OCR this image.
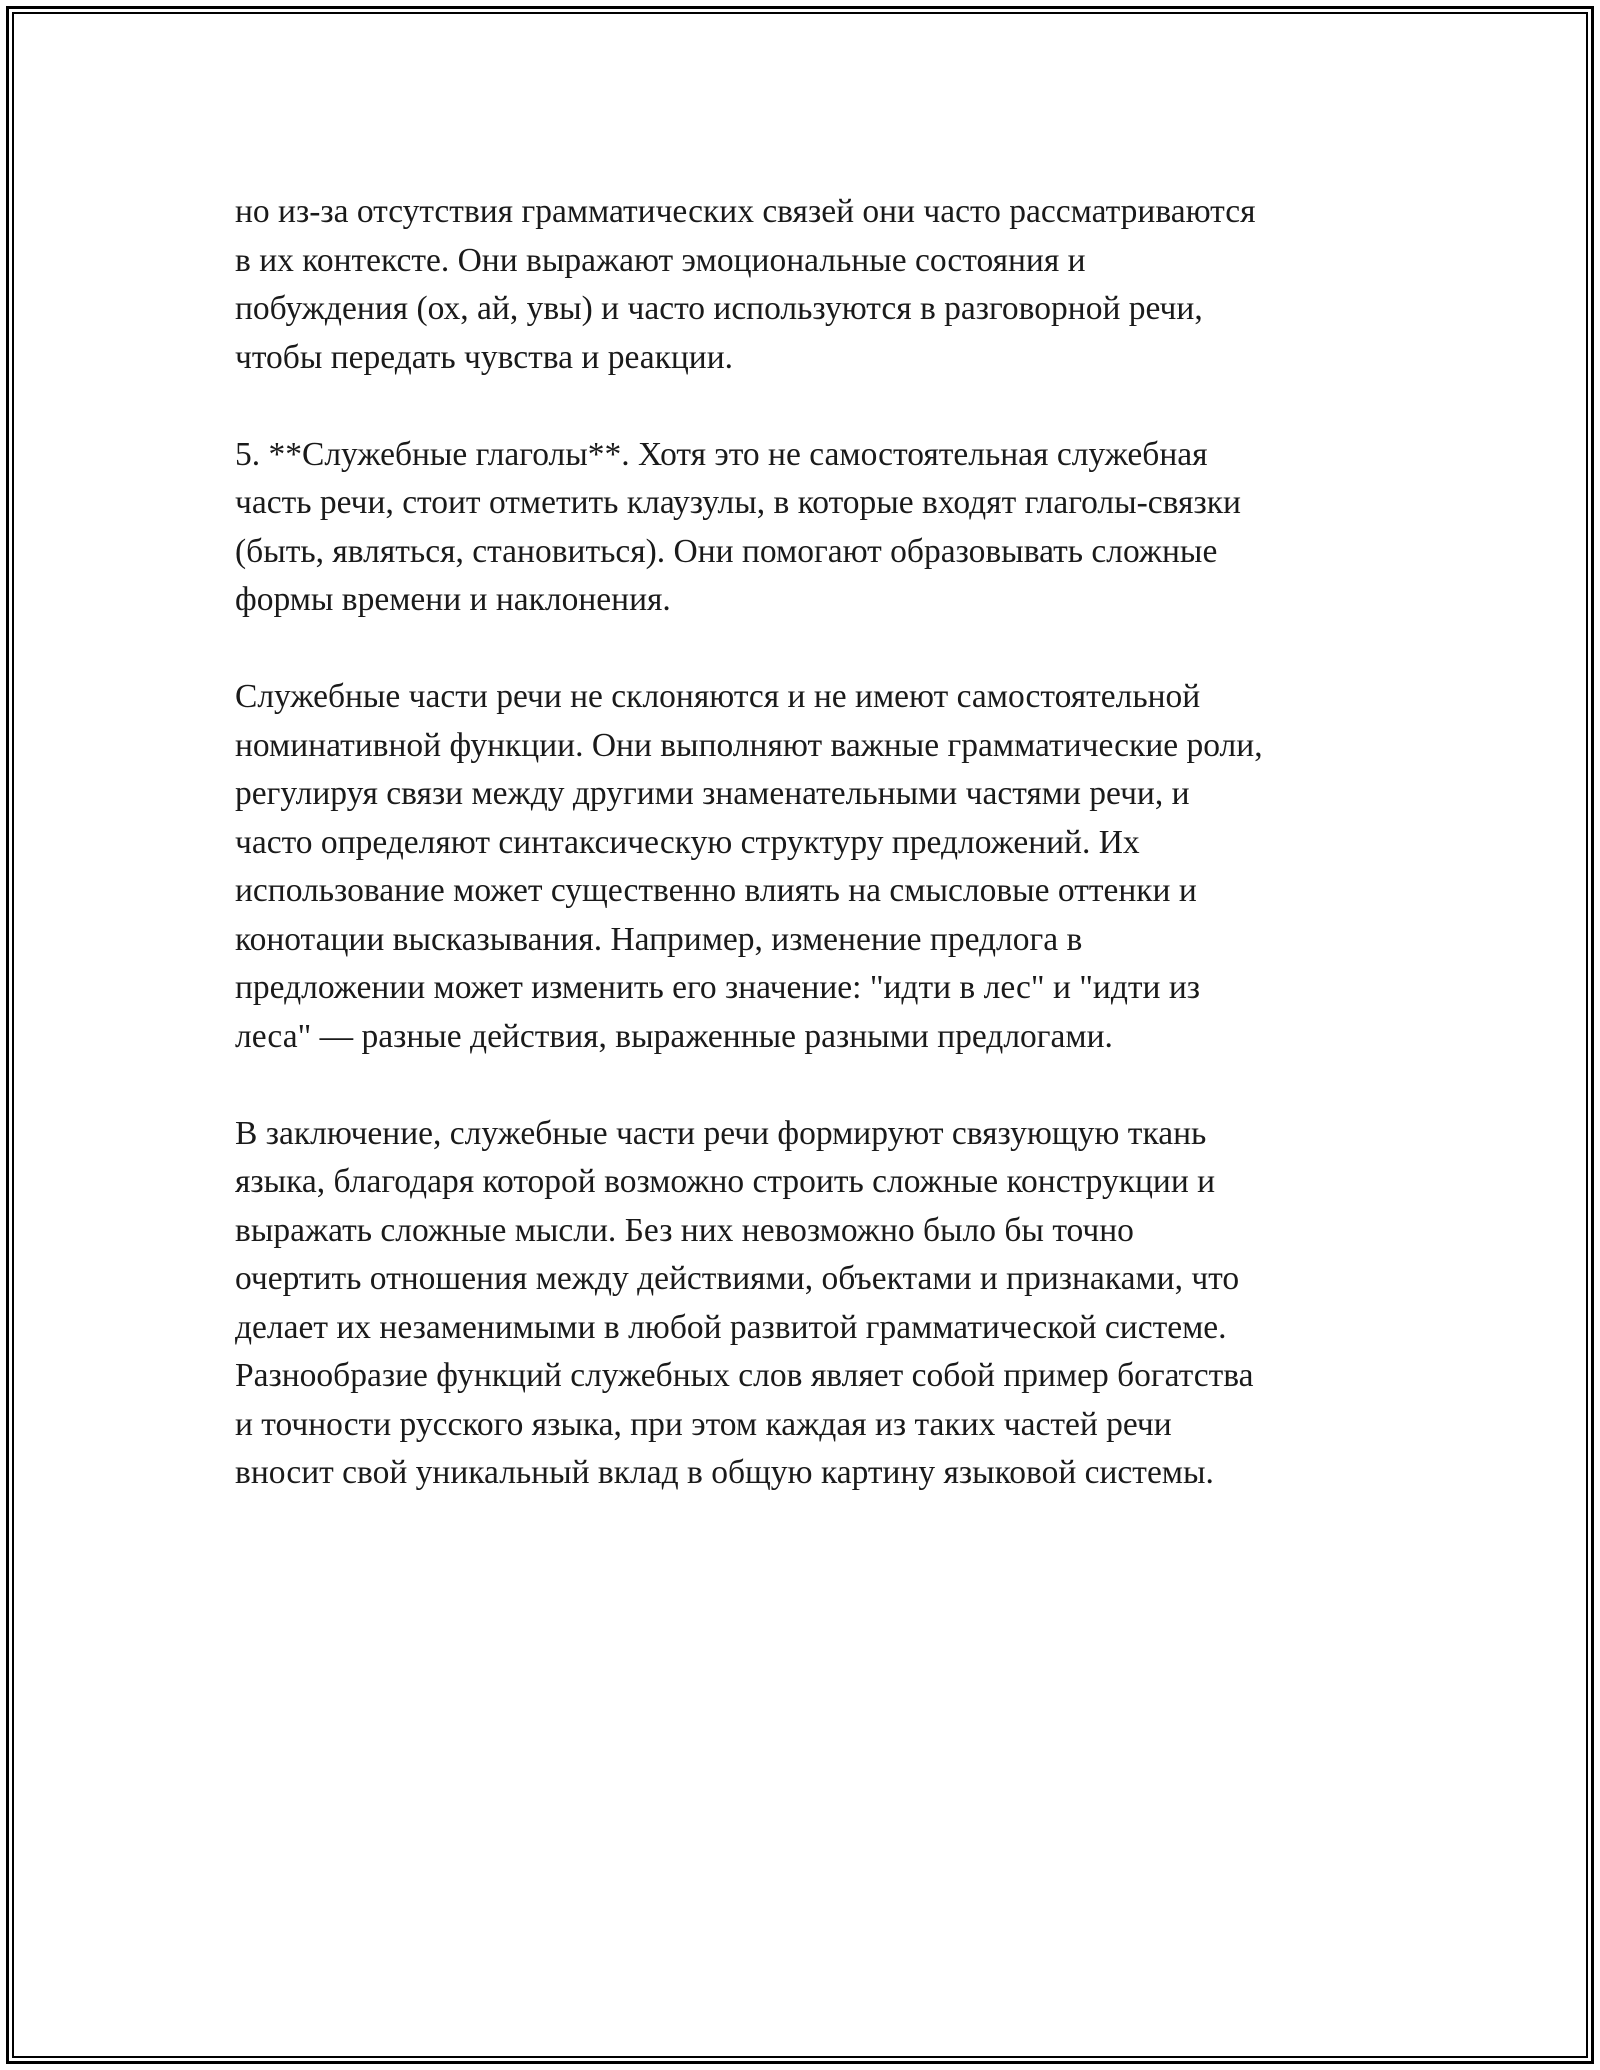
но из-за отсутствия грамматических связей они часто рассматриваются
в их контексте. Они выражают эмоциональные состояния и
побуждения (ох, ай, увы) и часто используются в разговорной речи,
чтобы передать чувства и реакции.

5. **Служебные глаголы**. Хотя это не самостоятельная служебная
часть речи, стоит отметить клаузулы, в которые входят глаголы-связки
(быть, являться, становиться). Они помогают образовывать сложные
формы времени и наклонения.

Служебные части речи не склоняются и не имеют самостоятельной
номинативной функции. Они выполняют важные грамматические роли,
регулируя связи между другими знаменательными частями речи, и
часто определяют синтаксическую структуру предложений. Их
использование может существенно влиять на смысловые оттенки и
конотации высказывания. Например, изменение предлога в
предложении может изменить его значение: "идти в лес" и "идти из
леса" — разные действия, выраженные разными предлогами.

В заключение, служебные части речи формируют связующую ткань
языка, благодаря которой возможно строить сложные конструкции и
выражать сложные мысли. Без них невозможно было бы точно
очертить отношения между действиями, объектами и признаками, что
делает их незаменимыми в любой развитой грамматической системе.
Разнообразие функций служебных слов являет собой пример богатства
и точности русского языка, при этом каждая из таких частей речи
вносит свой уникальный вклад в общую картину языковой системы.
